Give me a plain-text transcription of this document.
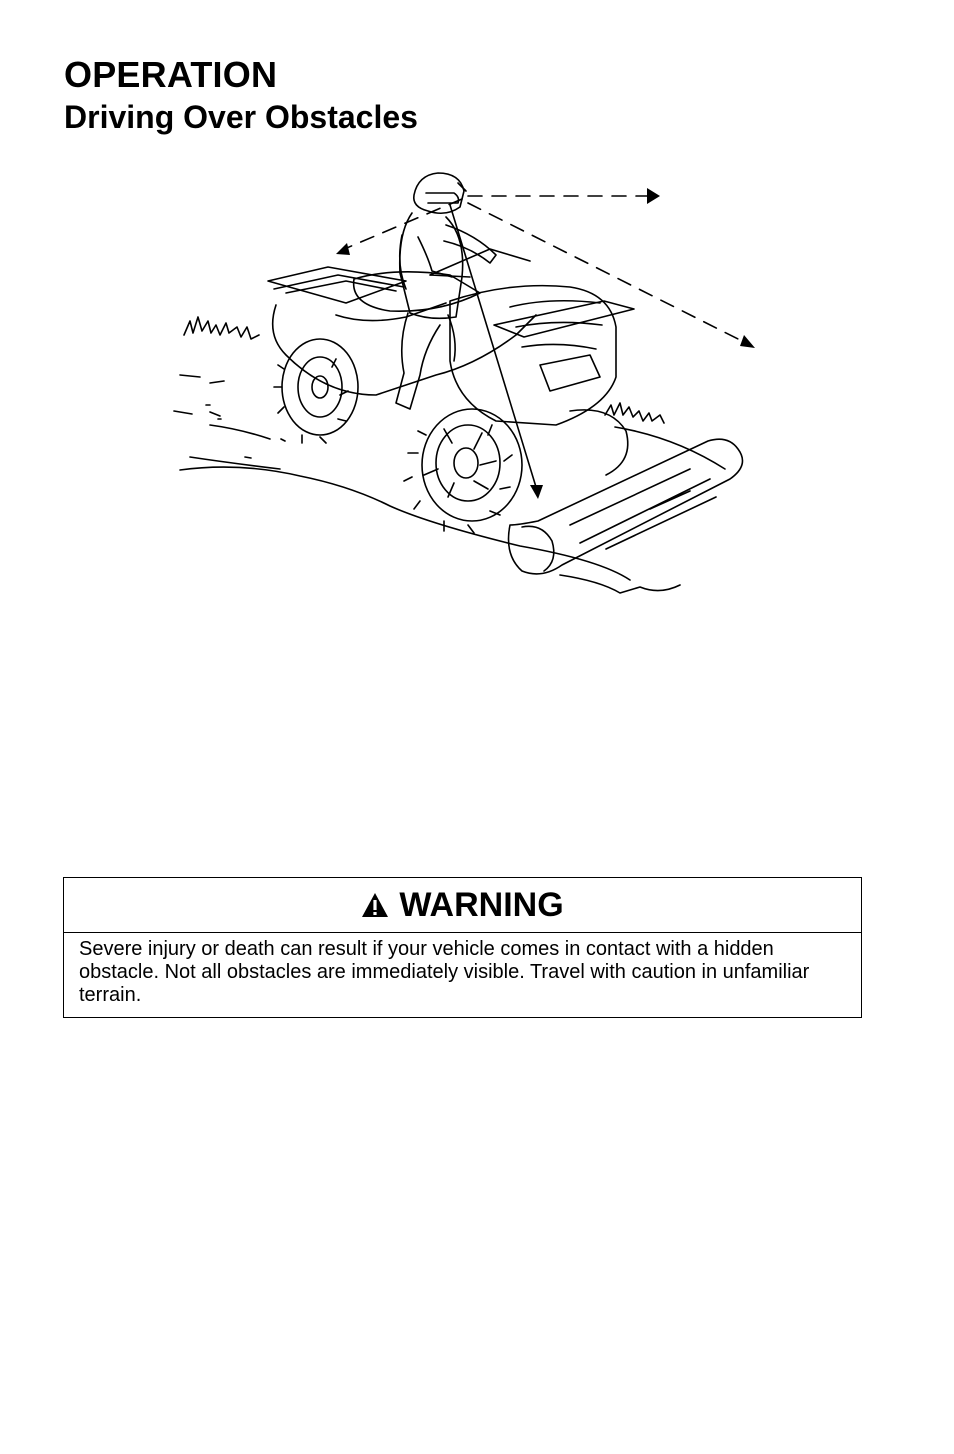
OPERATION
Driving Over Obstacles
WARNING

Severe injury or death can result if your vehicle comes in contact with a hidden obstacle. Not all obstacles are immediately visible. Travel with caution in unfamiliar terrain.
